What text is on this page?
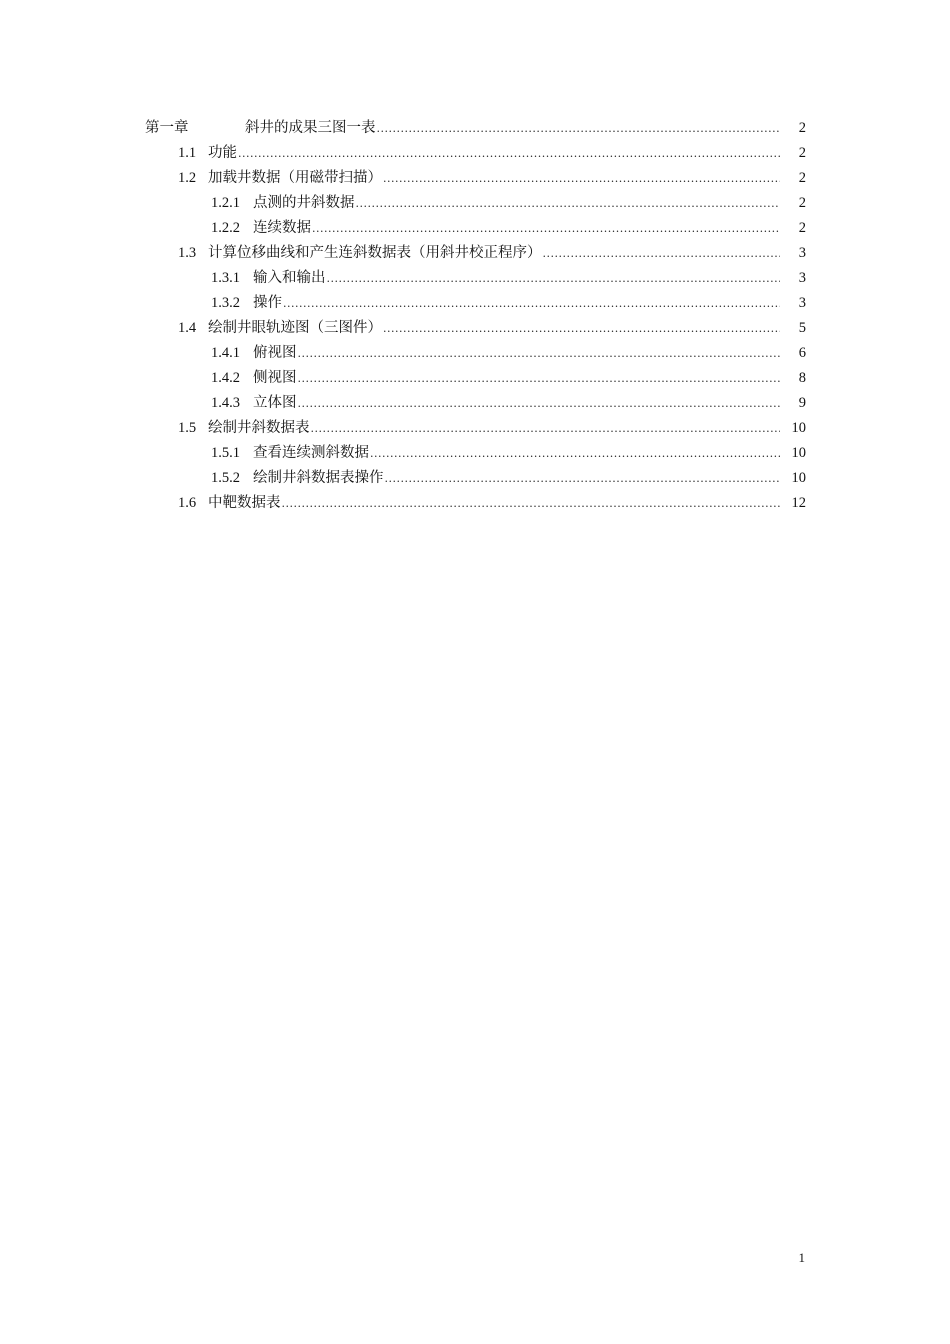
第一章	斜井的成果三图一表 .....	2
1.1 功能 .....	2
1.2 加载井数据（用磁带扫描） .....	2
1.2.1 点测的井斜数据 .....	2
1.2.2 连续数据 .....	2
1.3 计算位移曲线和产生连斜数据表（用斜井校正程序） .....	3
1.3.1 输入和输出 .....	3
1.3.2 操作 .....	3
1.4 绘制井眼轨迹图（三图件） .....	5
1.4.1 俯视图 .....	6
1.4.2 侧视图 .....	8
1.4.3 立体图 .....	9
1.5 绘制井斜数据表 .....	10
1.5.1 查看连续测斜数据 .....	10
1.5.2 绘制井斜数据表操作 .....	10
1.6 中靶数据表 .....	12
1
